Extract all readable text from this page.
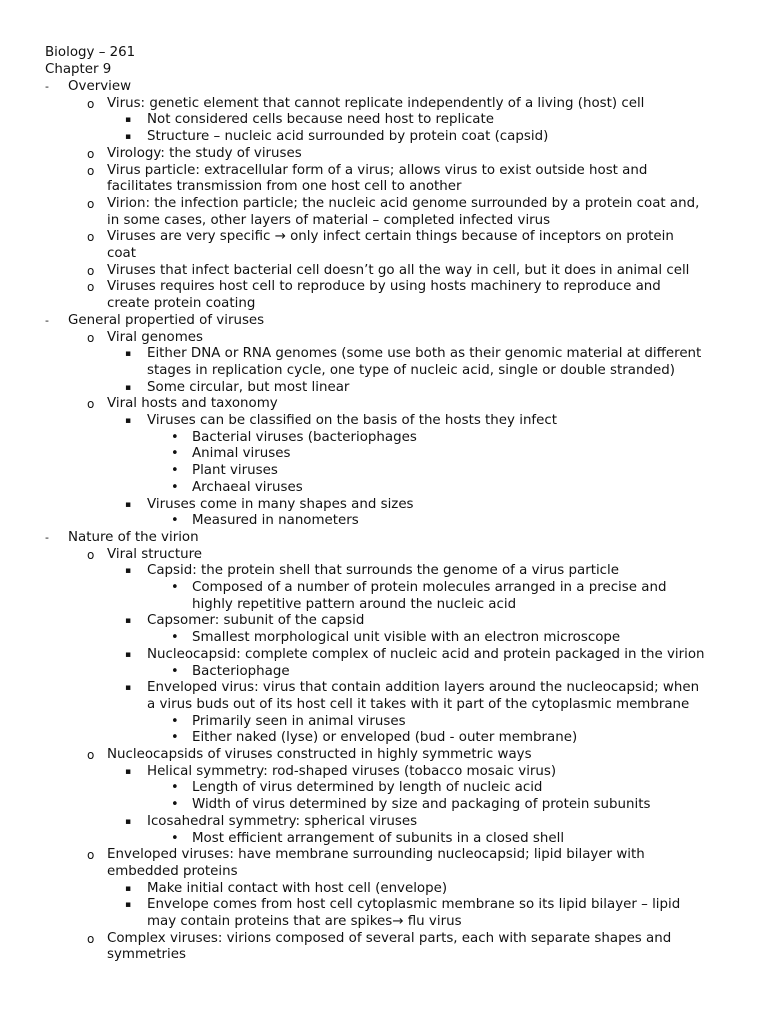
Biology – 261
Chapter 9
- Overview
o Virus: genetic element that cannot replicate independently of a living (host) cell
▪ Not considered cells because need host to replicate
▪ Structure – nucleic acid surrounded by protein coat (capsid)
o Virology: the study of viruses
o Virus particle: extracellular form of a virus; allows virus to exist outside host and
facilitates transmission from one host cell to another
o Virion: the infection particle; the nucleic acid genome surrounded by a protein coat and,
in some cases, other layers of material – completed infected virus
o Viruses are very specific → only infect certain things because of inceptors on protein
coat
o Viruses that infect bacterial cell doesn’t go all the way in cell, but it does in animal cell
o Viruses requires host cell to reproduce by using hosts machinery to reproduce and
create protein coating
- General propertied of viruses
o Viral genomes
▪ Either DNA or RNA genomes (some use both as their genomic material at different
stages in replication cycle, one type of nucleic acid, single or double stranded)
▪ Some circular, but most linear
o Viral hosts and taxonomy
▪ Viruses can be classified on the basis of the hosts they infect
• Bacterial viruses (bacteriophages
• Animal viruses
• Plant viruses
• Archaeal viruses
▪ Viruses come in many shapes and sizes
• Measured in nanometers
- Nature of the virion
o Viral structure
▪ Capsid: the protein shell that surrounds the genome of a virus particle
• Composed of a number of protein molecules arranged in a precise and
highly repetitive pattern around the nucleic acid
▪ Capsomer: subunit of the capsid
• Smallest morphological unit visible with an electron microscope
▪ Nucleocapsid: complete complex of nucleic acid and protein packaged in the virion
• Bacteriophage
▪ Enveloped virus: virus that contain addition layers around the nucleocapsid; when
a virus buds out of its host cell it takes with it part of the cytoplasmic membrane
• Primarily seen in animal viruses
• Either naked (lyse) or enveloped (bud - outer membrane)
o Nucleocapsids of viruses constructed in highly symmetric ways
▪ Helical symmetry: rod-shaped viruses (tobacco mosaic virus)
• Length of virus determined by length of nucleic acid
• Width of virus determined by size and packaging of protein subunits
▪ Icosahedral symmetry: spherical viruses
• Most efficient arrangement of subunits in a closed shell
o Enveloped viruses: have membrane surrounding nucleocapsid; lipid bilayer with
embedded proteins
▪ Make initial contact with host cell (envelope)
▪ Envelope comes from host cell cytoplasmic membrane so its lipid bilayer – lipid
may contain proteins that are spikes→ flu virus
o Complex viruses: virions composed of several parts, each with separate shapes and
symmetries
